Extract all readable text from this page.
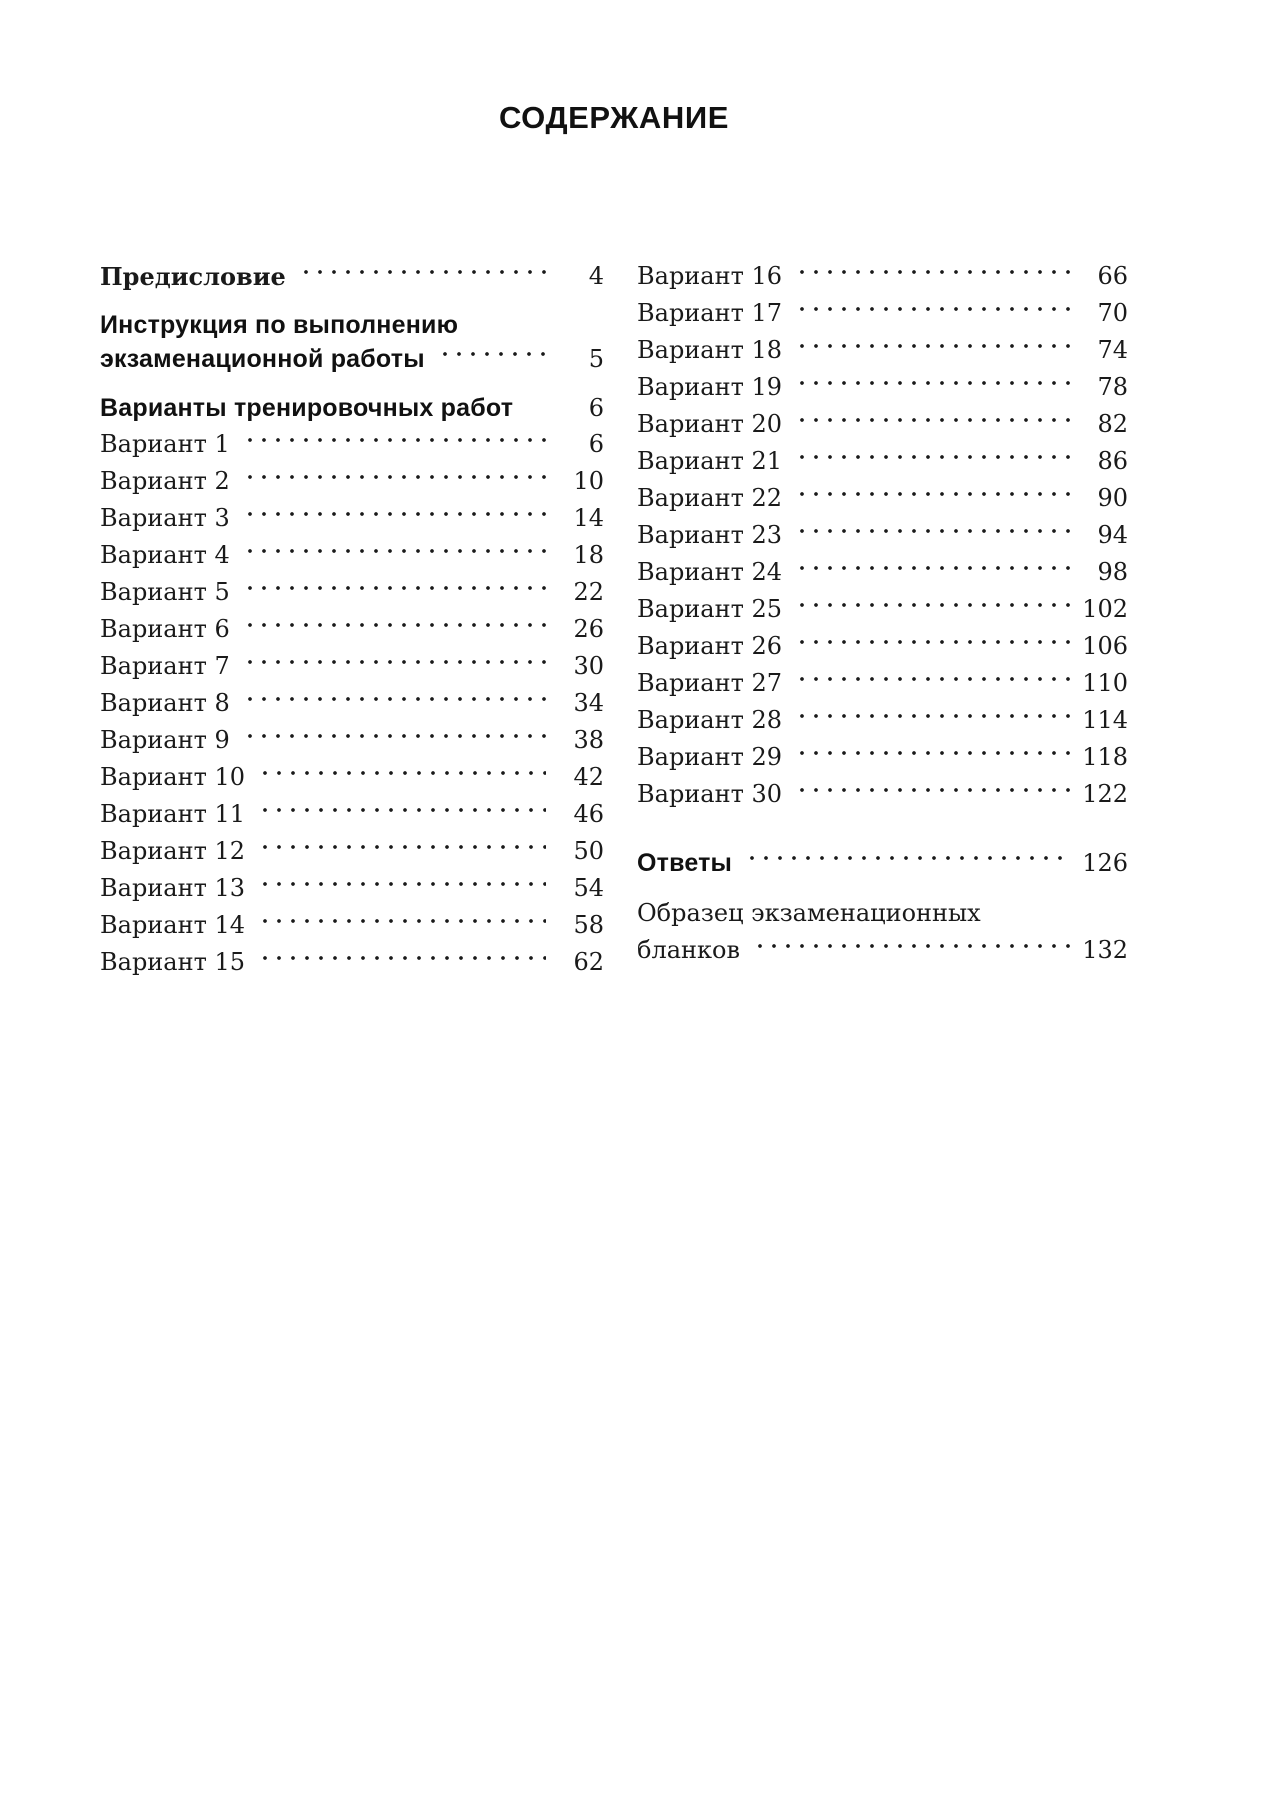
СОДЕРЖАНИЕ
Предисловие	4
Инструкция по выполнению
экзаменационной работы	5
Варианты тренировочных работ	6
Вариант 1	6
Вариант 2	10
Вариант 3	14
Вариант 4	18
Вариант 5	22
Вариант 6	26
Вариант 7	30
Вариант 8	34
Вариант 9	38
Вариант 10	42
Вариант 11	46
Вариант 12	50
Вариант 13	54
Вариант 14	58
Вариант 15	62
Вариант 16	66
Вариант 17	70
Вариант 18	74
Вариант 19	78
Вариант 20	82
Вариант 21	86
Вариант 22	90
Вариант 23	94
Вариант 24	98
Вариант 25	102
Вариант 26	106
Вариант 27	110
Вариант 28	114
Вариант 29	118
Вариант 30	122
Ответы	126
Образец экзаменационных
бланков	132
